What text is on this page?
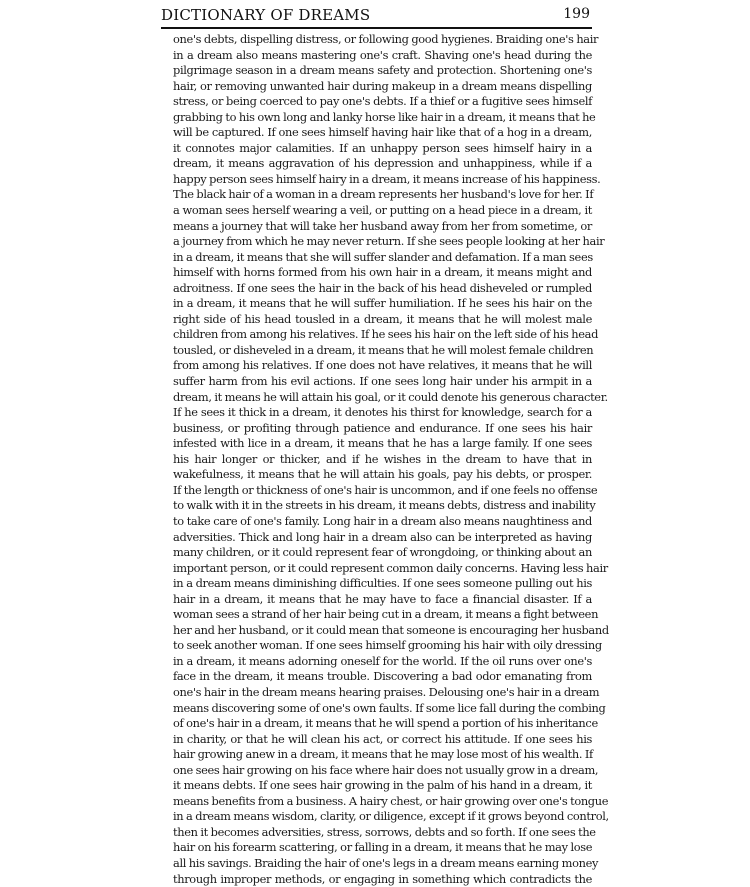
DICTIONARY OF DREAMS	199
one's debts, dispelling distress, or following good hygienes. Braiding one's hair
in a dream also means mastering one's craft. Shaving one's head during the
pilgrimage season in a dream means safety and protection. Shortening one's
hair, or removing unwanted hair during makeup in a dream means dispelling
stress, or being coerced to pay one's debts. If a thief or a fugitive sees himself
grabbing to his own long and lanky horse like hair in a dream, it means that he
will be captured. If one sees himself having hair like that of a hog in a dream,
it connotes major calamities. If an unhappy person sees himself hairy in a
dream, it means aggravation of his depression and unhappiness, while if a
happy person sees himself hairy in a dream, it means increase of his happiness.
The black hair of a woman in a dream represents her husband's love for her. If
a woman sees herself wearing a veil, or putting on a head piece in a dream, it
means a journey that will take her husband away from her from sometime, or
a journey from which he may never return. If she sees people looking at her hair
in a dream, it means that she will suffer slander and defamation. If a man sees
himself with horns formed from his own hair in a dream, it means might and
adroitness. If one sees the hair in the back of his head disheveled or rumpled
in a dream, it means that he will suffer humiliation. If he sees his hair on the
right side of his head tousled in a dream, it means that he will molest male
children from among his relatives. If he sees his hair on the left side of his head
tousled, or disheveled in a dream, it means that he will molest female children
from among his relatives. If one does not have relatives, it means that he will
suffer harm from his evil actions. If one sees long hair under his armpit in a
dream, it means he will attain his goal, or it could denote his generous character.
If he sees it thick in a dream, it denotes his thirst for knowledge, search for a
business, or profiting through patience and endurance. If one sees his hair
infested with lice in a dream, it means that he has a large family. If one sees
his hair longer or thicker, and if he wishes in the dream to have that in
wakefulness, it means that he will attain his goals, pay his debts, or prosper.
If the length or thickness of one's hair is uncommon, and if one feels no offense
to walk with it in the streets in his dream, it means debts, distress and inability
to take care of one's family. Long hair in a dream also means naughtiness and
adversities. Thick and long hair in a dream also can be interpreted as having
many children, or it could represent fear of wrongdoing, or thinking about an
important person, or it could represent common daily concerns. Having less hair
in a dream means diminishing difficulties. If one sees someone pulling out his
hair in a dream, it means that he may have to face a financial disaster. If a
woman sees a strand of her hair being cut in a dream, it means a fight between
her and her husband, or it could mean that someone is encouraging her husband
to seek another woman. If one sees himself grooming his hair with oily dressing
in a dream, it means adorning oneself for the world. If the oil runs over one's
face in the dream, it means trouble. Discovering a bad odor emanating from
one's hair in the dream means hearing praises. Delousing one's hair in a dream
means discovering some of one's own faults. If some lice fall during the combing
of one's hair in a dream, it means that he will spend a portion of his inheritance
in charity, or that he will clean his act, or correct his attitude. If one sees his
hair growing anew in a dream, it means that he may lose most of his wealth. If
one sees hair growing on his face where hair does not usually grow in a dream,
it means debts. If one sees hair growing in the palm of his hand in a dream, it
means benefits from a business. A hairy chest, or hair growing over one's tongue
in a dream means wisdom, clarity, or diligence, except if it grows beyond control,
then it becomes adversities, stress, sorrows, debts and so forth. If one sees the
hair on his forearm scattering, or falling in a dream, it means that he may lose
all his savings. Braiding the hair of one's legs in a dream means earning money
through improper methods, or engaging in something which contradicts the
